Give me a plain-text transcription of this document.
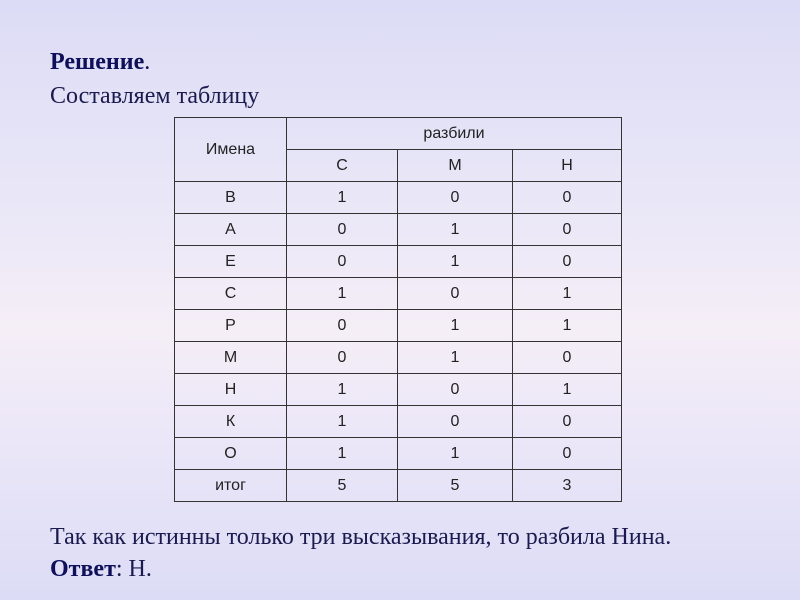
Решение.
Составляем таблицу
Имена	разбили		
	С	М	Н
В	1	0	0
А	0	1	0
Е	0	1	0
С	1	0	1
Р	0	1	1
М	0	1	0
Н	1	0	1
К	1	0	0
О	1	1	0
итог	5	5	3
Так как истинны только три высказывания, то разбила Нина.
Ответ: Н.
